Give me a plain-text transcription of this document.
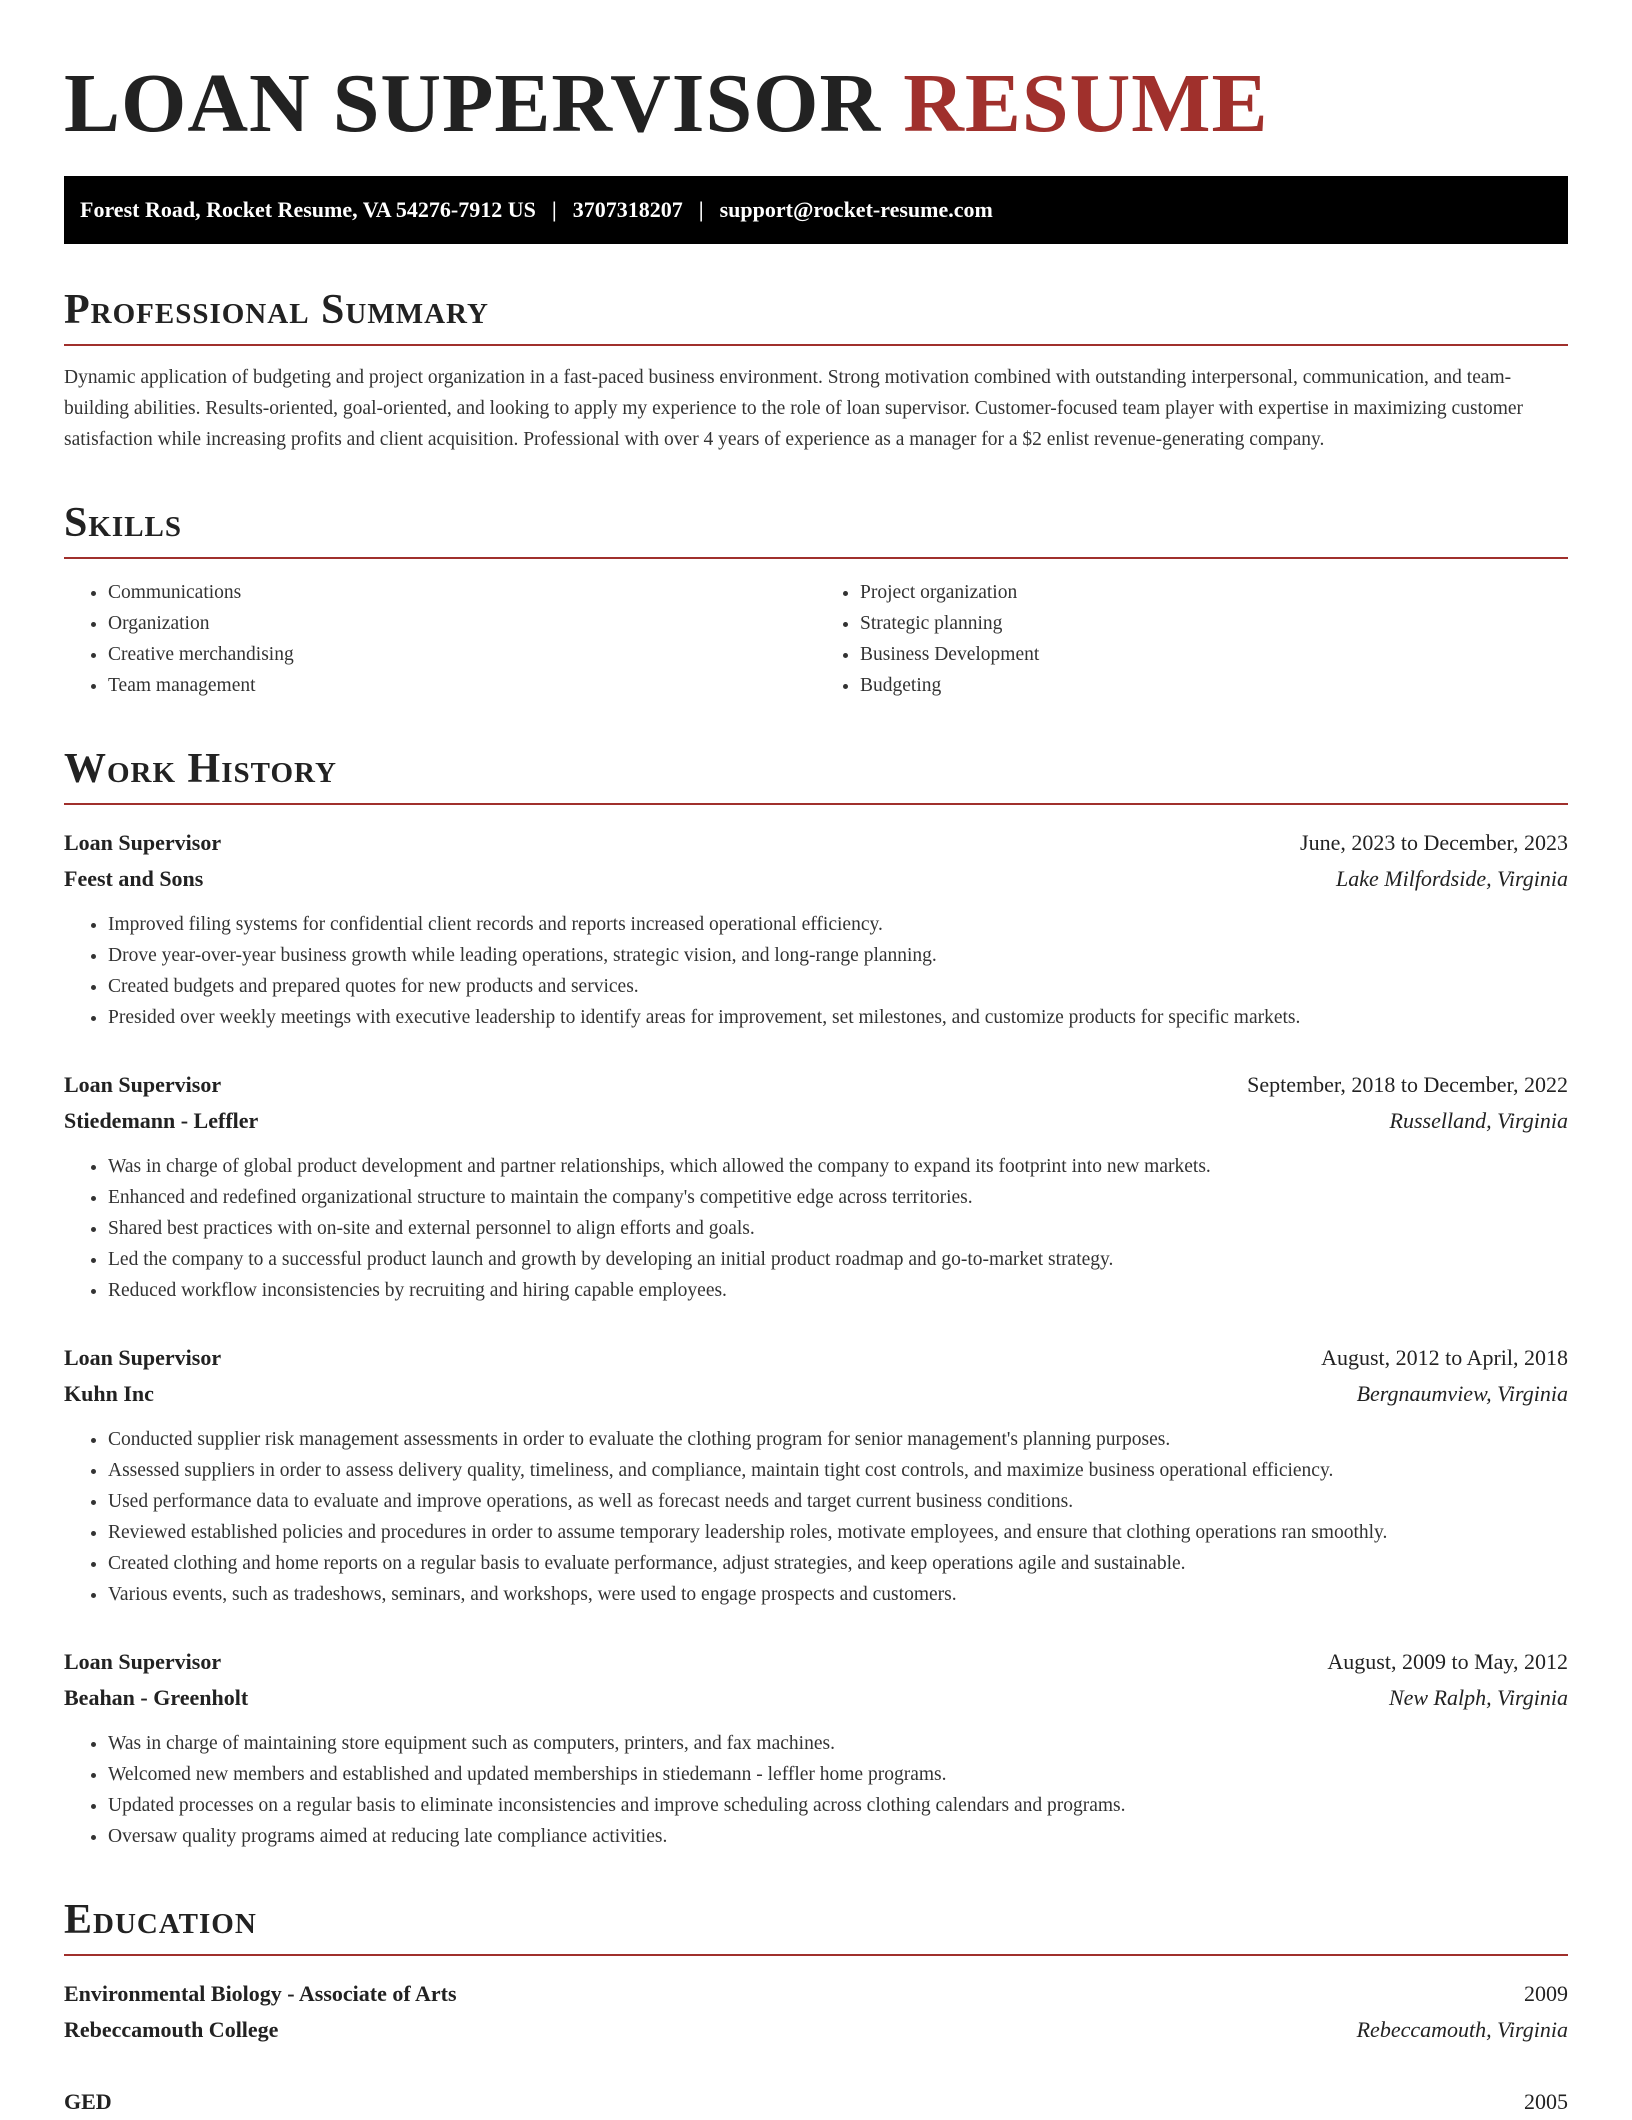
LOAN SUPERVISOR RESUME
Forest Road, Rocket Resume, VA 54276-7912 US | 3707318207 | support@rocket-resume.com
Professional Summary

Dynamic application of budgeting and project organization in a fast-paced business environment. Strong motivation combined with outstanding interpersonal, communication, and team-building abilities. Results-oriented, goal-oriented, and looking to apply my experience to the role of loan supervisor. Customer-focused team player with expertise in maximizing customer satisfaction while increasing profits and client acquisition. Professional with over 4 years of experience as a manager for a $2 enlist revenue-generating company.

Skills
• Communications
• Organization
• Creative merchandising
• Team management
• Project organization
• Strategic planning
• Business Development
• Budgeting
Work History
Loan Supervisor	June, 2023 to December, 2023
Feest and Sons	Lake Milfordside, Virginia
• Improved filing systems for confidential client records and reports increased operational efficiency.
• Drove year-over-year business growth while leading operations, strategic vision, and long-range planning.
• Created budgets and prepared quotes for new products and services.
• Presided over weekly meetings with executive leadership to identify areas for improvement, set milestones, and customize products for specific markets.
Loan Supervisor	September, 2018 to December, 2022
Stiedemann - Leffler	Russelland, Virginia
• Was in charge of global product development and partner relationships, which allowed the company to expand its footprint into new markets.
• Enhanced and redefined organizational structure to maintain the company's competitive edge across territories.
• Shared best practices with on-site and external personnel to align efforts and goals.
• Led the company to a successful product launch and growth by developing an initial product roadmap and go-to-market strategy.
• Reduced workflow inconsistencies by recruiting and hiring capable employees.
Loan Supervisor	August, 2012 to April, 2018
Kuhn Inc	Bergnaumview, Virginia
• Conducted supplier risk management assessments in order to evaluate the clothing program for senior management's planning purposes.
• Assessed suppliers in order to assess delivery quality, timeliness, and compliance, maintain tight cost controls, and maximize business operational efficiency.
• Used performance data to evaluate and improve operations, as well as forecast needs and target current business conditions.
• Reviewed established policies and procedures in order to assume temporary leadership roles, motivate employees, and ensure that clothing operations ran smoothly.
• Created clothing and home reports on a regular basis to evaluate performance, adjust strategies, and keep operations agile and sustainable.
• Various events, such as tradeshows, seminars, and workshops, were used to engage prospects and customers.
Loan Supervisor	August, 2009 to May, 2012
Beahan - Greenholt	New Ralph, Virginia
• Was in charge of maintaining store equipment such as computers, printers, and fax machines.
• Welcomed new members and established and updated memberships in stiedemann - leffler home programs.
• Updated processes on a regular basis to eliminate inconsistencies and improve scheduling across clothing calendars and programs.
• Oversaw quality programs aimed at reducing late compliance activities.
Education
Environmental Biology - Associate of Arts	2009
Rebeccamouth College	Rebeccamouth, Virginia
GED	2005
